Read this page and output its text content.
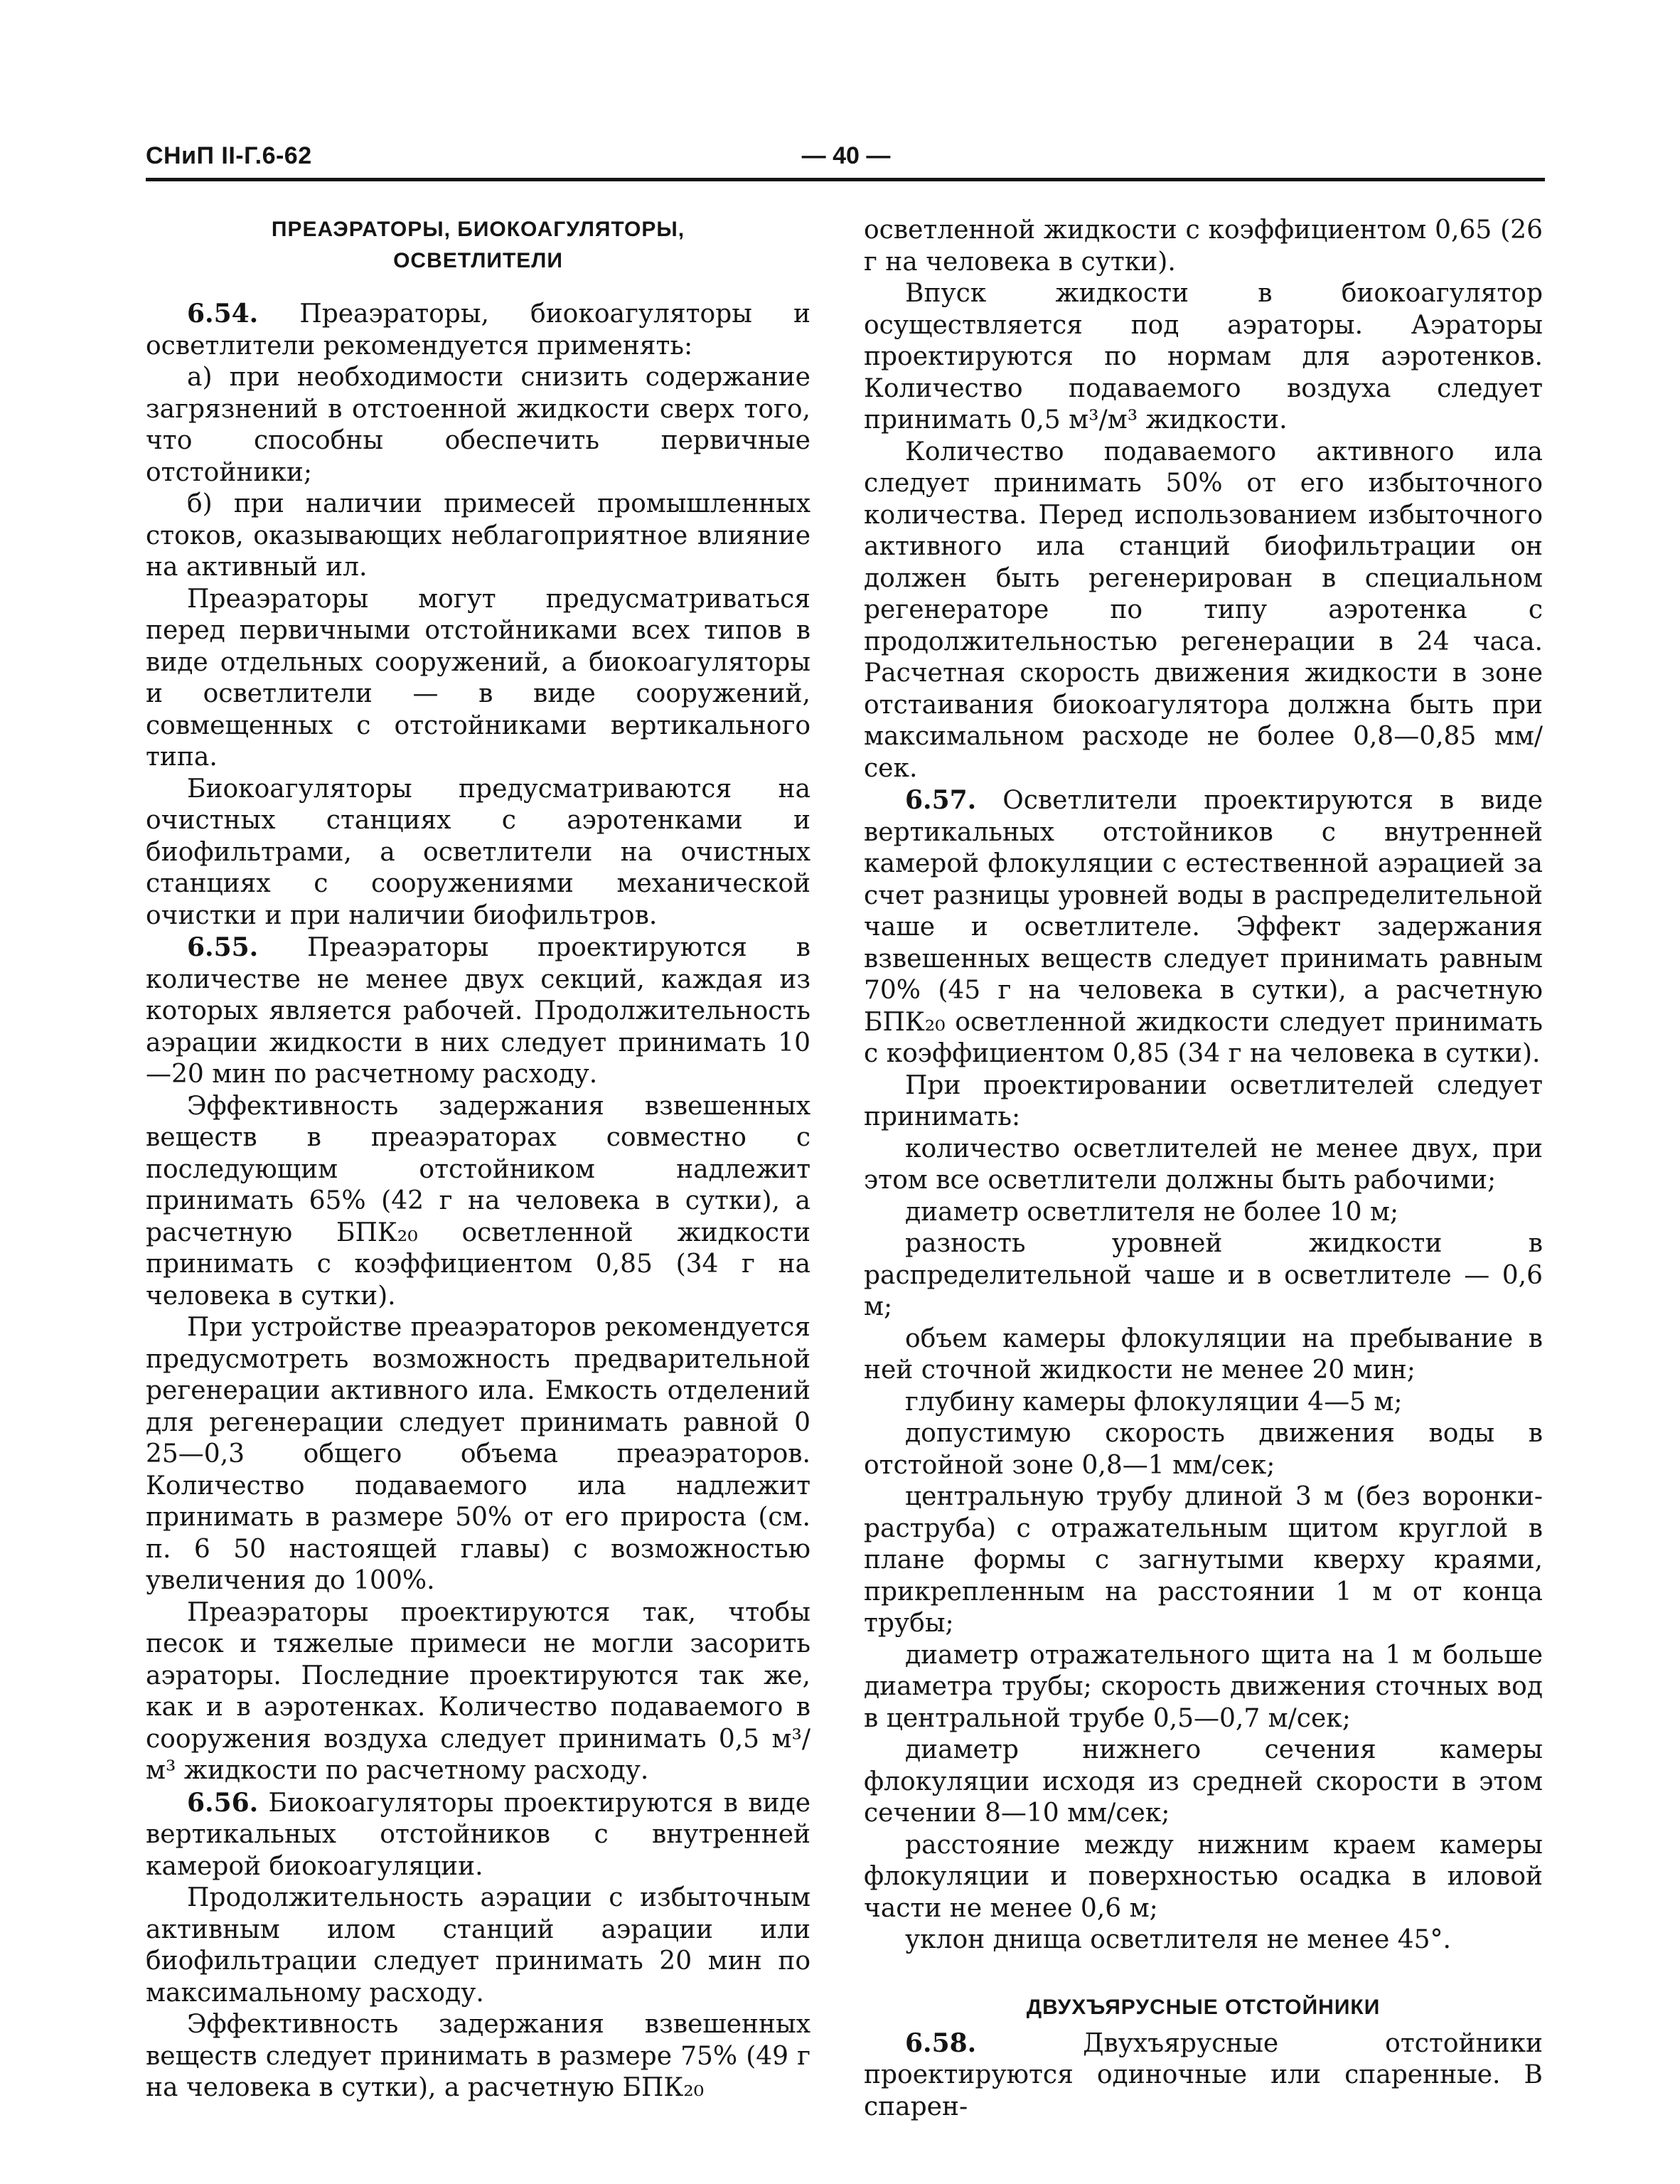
СНиП II-Г.6-62	— 40 —

ПРЕАЭРАТОРЫ, БИОКОАГУЛЯТОРЫ,
ОСВЕТЛИТЕЛИ

6.54. Преаэраторы, биокоагуляторы и осветлители рекомендуется применять:

а) при необходимости снизить содержание загрязнений в отстоенной жидкости сверх того, что способны обеспечить первичные отстойники;

б) при наличии примесей промышленных стоков, оказывающих неблагоприятное влияние на активный ил.

Преаэраторы могут предусматриваться перед первичными отстойниками всех типов в виде отдельных сооружений, а биокоагуляторы и осветлители — в виде сооружений, совмещенных с отстойниками вертикального типа.

Биокоагуляторы предусматриваются на очистных станциях с аэротенками и биофильтрами, а осветлители на очистных станциях с сооружениями механической очистки и при наличии биофильтров.

6.55. Преаэраторы проектируются в количестве не менее двух секций, каждая из которых является рабочей. Продолжительность аэрации жидкости в них следует принимать 10—20 мин по расчетному расходу.

Эффективность задержания взвешенных веществ в преаэраторах совместно с последующим отстойником надлежит принимать 65% (42 г на человека в сутки), а расчетную БПК₂₀ осветленной жидкости принимать с коэффициентом 0,85 (34 г на человека в сутки).

При устройстве преаэраторов рекомендуется предусмотреть возможность предварительной регенерации активного ила. Емкость отделений для регенерации следует принимать равной 0 25—0,3 общего объема преаэраторов. Количество подаваемого ила надлежит принимать в размере 50% от его прироста (см. п. 6 50 настоящей главы) с возможностью увеличения до 100%.

Преаэраторы проектируются так, чтобы песок и тяжелые примеси не могли засорить аэраторы. Последние проектируются так же, как и в аэротенках. Количество подаваемого в сооружения воздуха следует принимать 0,5 м³/м³ жидкости по расчетному расходу.

6.56. Биокоагуляторы проектируются в виде вертикальных отстойников с внутренней камерой биокоагуляции.

Продолжительность аэрации с избыточным активным илом станций аэрации или биофильтрации следует принимать 20 мин по максимальному расходу.

Эффективность задержания взвешенных веществ следует принимать в размере 75% (49 г на человека в сутки), а расчетную БПК₂₀

осветленной жидкости с коэффициентом 0,65 (26 г на человека в сутки).

Впуск жидкости в биокоагулятор осуществляется под аэраторы. Аэраторы проектируются по нормам для аэротенков. Количество подаваемого воздуха следует принимать 0,5 м³/м³ жидкости.

Количество подаваемого активного ила следует принимать 50% от его избыточного количества. Перед использованием избыточного активного ила станций биофильтрации он должен быть регенерирован в специальном регенераторе по типу аэротенка с продолжительностью регенерации в 24 часа. Расчетная скорость движения жидкости в зоне отстаивания биокоагулятора должна быть при максимальном расходе не более 0,8—0,85 мм/сек.

6.57. Осветлители проектируются в виде вертикальных отстойников с внутренней камерой флокуляции с естественной аэрацией за счет разницы уровней воды в распределительной чаше и осветлителе. Эффект задержания взвешенных веществ следует принимать равным 70% (45 г на человека в сутки), а расчетную БПК₂₀ осветленной жидкости следует принимать с коэффициентом 0,85 (34 г на человека в сутки).

При проектировании осветлителей следует принимать:

количество осветлителей не менее двух, при этом все осветлители должны быть рабочими;

диаметр осветлителя не более 10 м;

разность уровней жидкости в распределительной чаше и в осветлителе — 0,6 м;

объем камеры флокуляции на пребывание в ней сточной жидкости не менее 20 мин;

глубину камеры флокуляции 4—5 м;

допустимую скорость движения воды в отстойной зоне 0,8—1 мм/сек;

центральную трубу длиной 3 м (без воронки-раструба) с отражательным щитом круглой в плане формы с загнутыми кверху краями, прикрепленным на расстоянии 1 м от конца трубы;

диаметр отражательного щита на 1 м больше диаметра трубы; скорость движения сточных вод в центральной трубе 0,5—0,7 м/сек;

диаметр нижнего сечения камеры флокуляции исходя из средней скорости в этом сечении 8—10 мм/сек;

расстояние между нижним краем камеры флокуляции и поверхностью осадка в иловой части не менее 0,6 м;

уклон днища осветлителя не менее 45°.

ДВУХЪЯРУСНЫЕ ОТСТОЙНИКИ

6.58. Двухъярусные отстойники проектируются одиночные или спаренные. В спарен-
